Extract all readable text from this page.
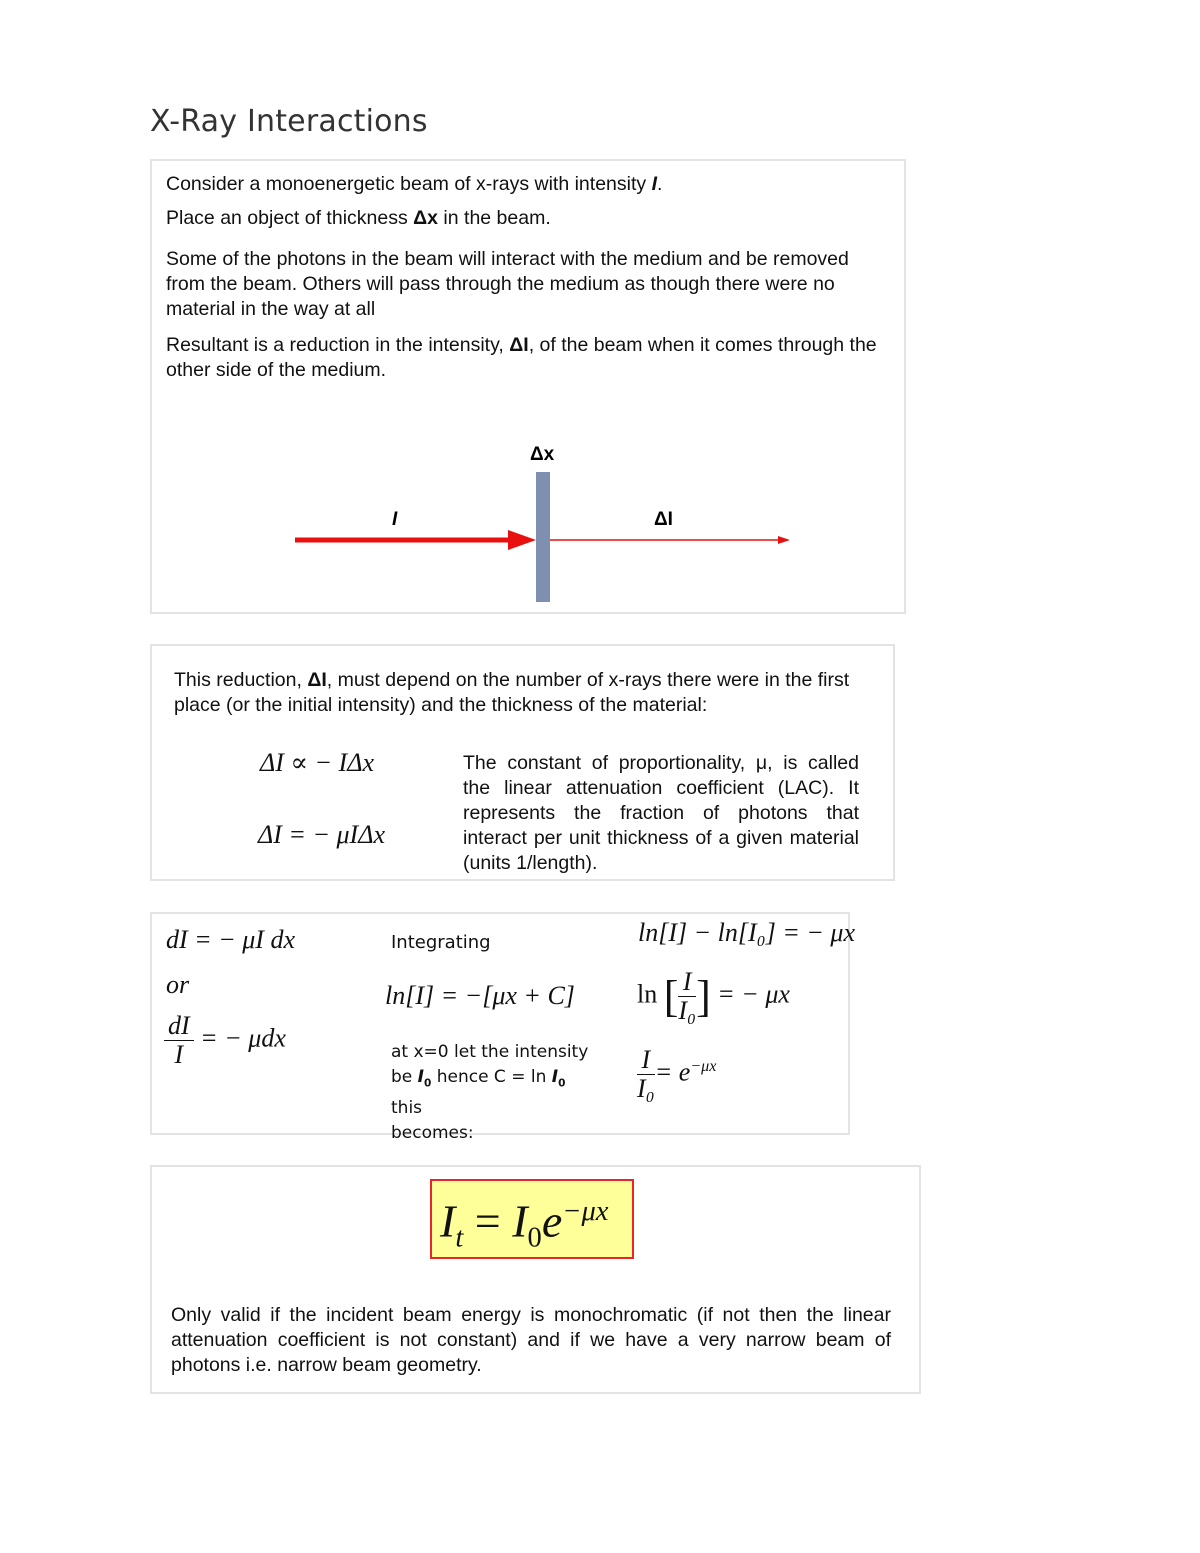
X-Ray Interactions

Consider a monoenergetic beam of x-rays with intensity I.

Place an object of thickness Δx in the beam.

Some of the photons in the beam will interact with the medium and be removed from the beam. Others will pass through the medium as though there were no material in the way at all

Resultant is a reduction in the intensity, ΔI, of the beam when it comes through the other side of the medium.

Δx
I	ΔI

This reduction, ΔI, must depend on the number of x-rays there were in the first place (or the initial intensity) and the thickness of the material:

ΔI ∝ − IΔx
ΔI = − μIΔx

The constant of proportionality, μ, is called the linear attenuation coefficient (LAC). It represents the fraction of photons that interact per unit thickness of a given material (units 1/length).

dI = − μI dx
or
$\frac{dI}{I}$ = − μdx

Integrating

ln[I] = −[μx + C]
at x=0 let the intensity
be $I_0$ hence $C = \ln I_0$ this
becomes:
ln[I] − ln[I₀] = − μx
ln [ $\frac{I}{\text{I₀}}$ ] = − μx
$\frac{I}{\text{I₀}} = e^{-\mu x}$
$I_t = I_0e^{-\mu x}$

Only valid if the incident beam energy is monochromatic (if not then the linear attenuation coefficient is not constant) and if we have a very narrow beam of photons i.e. narrow beam geometry.
